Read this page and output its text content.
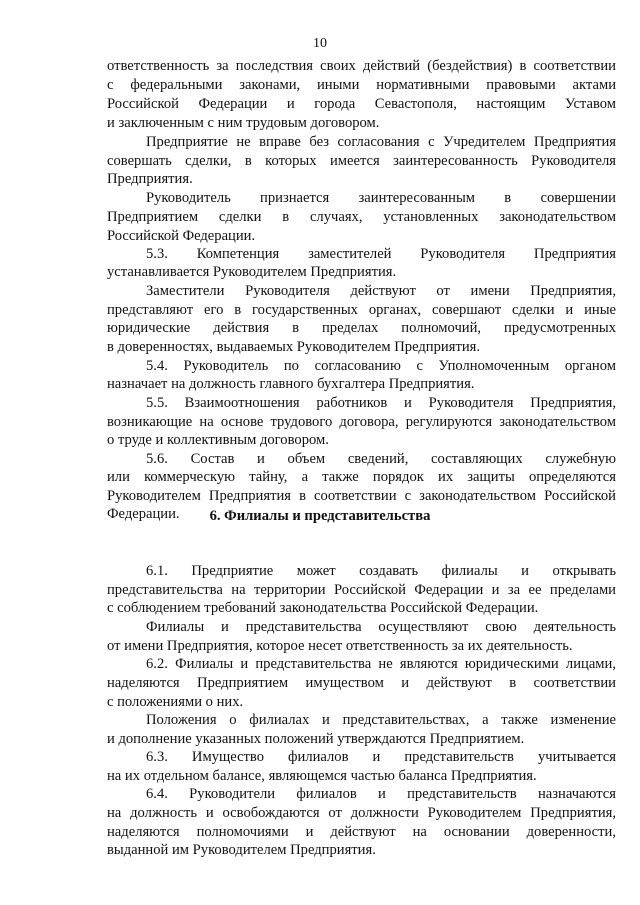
10
ответственность за последствия своих действий (бездействия) в соответствии
с федеральными законами, иными нормативными правовыми актами
Российской Федерации и города Севастополя, настоящим Уставом
и заключенным с ним трудовым договором.
Предприятие не вправе без согласования с Учредителем Предприятия
совершать сделки, в которых имеется заинтересованность Руководителя
Предприятия.
Руководитель признается заинтересованным в совершении
Предприятием сделки в случаях, установленных законодательством
Российской Федерации.
5.3. Компетенция заместителей Руководителя Предприятия
устанавливается Руководителем Предприятия.
Заместители Руководителя действуют от имени Предприятия,
представляют его в государственных органах, совершают сделки и иные
юридические действия в пределах полномочий, предусмотренных
в доверенностях, выдаваемых Руководителем Предприятия.
5.4. Руководитель по согласованию с Уполномоченным органом
назначает на должность главного бухгалтера Предприятия.
5.5. Взаимоотношения работников и Руководителя Предприятия,
возникающие на основе трудового договора, регулируются законодательством
о труде и коллективным договором.
5.6. Состав и объем сведений, составляющих служебную
или коммерческую тайну, а также порядок их защиты определяются
Руководителем Предприятия в соответствии с законодательством Российской
Федерации.	6. Филиалы и представительства
6.1. Предприятие может создавать филиалы и открывать
представительства на территории Российской Федерации и за ее пределами
с соблюдением требований законодательства Российской Федерации.
Филиалы и представительства осуществляют свою деятельность
от имени Предприятия, которое несет ответственность за их деятельность.
6.2. Филиалы и представительства не являются юридическими лицами,
наделяются Предприятием имуществом и действуют в соответствии
с положениями о них.
Положения о филиалах и представительствах, а также изменение
и дополнение указанных положений утверждаются Предприятием.
6.3. Имущество филиалов и представительств учитывается
на их отдельном балансе, являющемся частью баланса Предприятия.
6.4. Руководители филиалов и представительств назначаются
на должность и освобождаются от должности Руководителем Предприятия,
наделяются полномочиями и действуют на основании доверенности,
выданной им Руководителем Предприятия.
